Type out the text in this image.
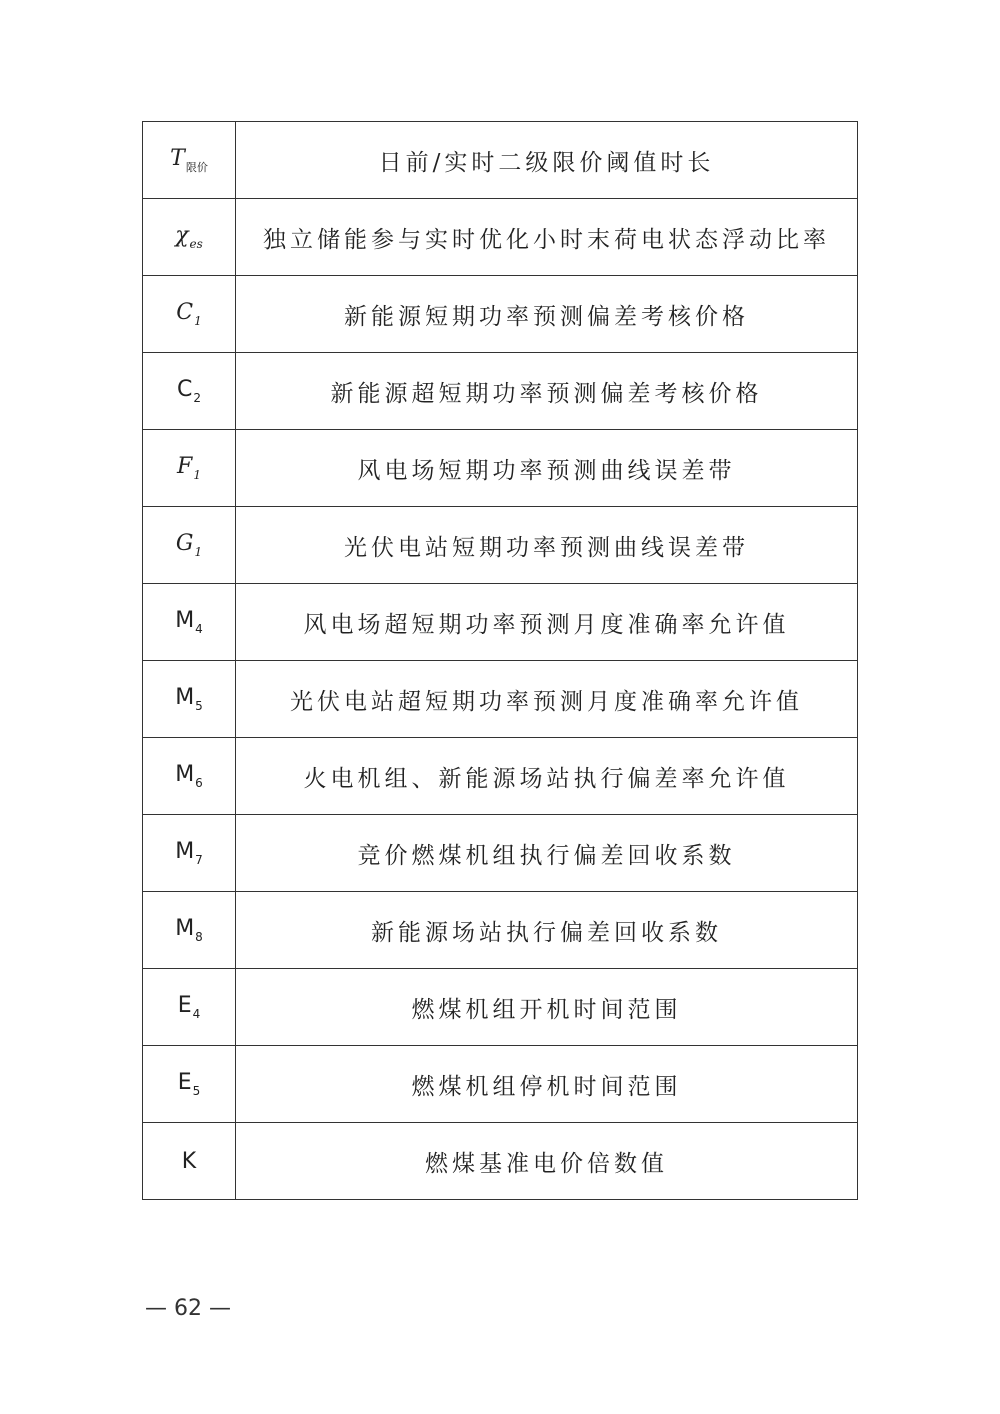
$T_{限价}$	日前/实时二级限价阈值时长
$\chi_{es}$	独立储能参与实时优化小时末荷电状态浮动比率
$C_1$	新能源短期功率预测偏差考核价格
$C_2$	新能源超短期功率预测偏差考核价格
$F_1$	风电场短期功率预测曲线误差带
$G_1$	光伏电站短期功率预测曲线误差带
$M_4$	风电场超短期功率预测月度准确率允许值
$M_5$	光伏电站超短期功率预测月度准确率允许值
$M_6$	火电机组、新能源场站执行偏差率允许值
$M_7$	竞价燃煤机组执行偏差回收系数
$M_8$	新能源场站执行偏差回收系数
$E_4$	燃煤机组开机时间范围
$E_5$	燃煤机组停机时间范围
K	燃煤基准电价倍数值
— 62 —
